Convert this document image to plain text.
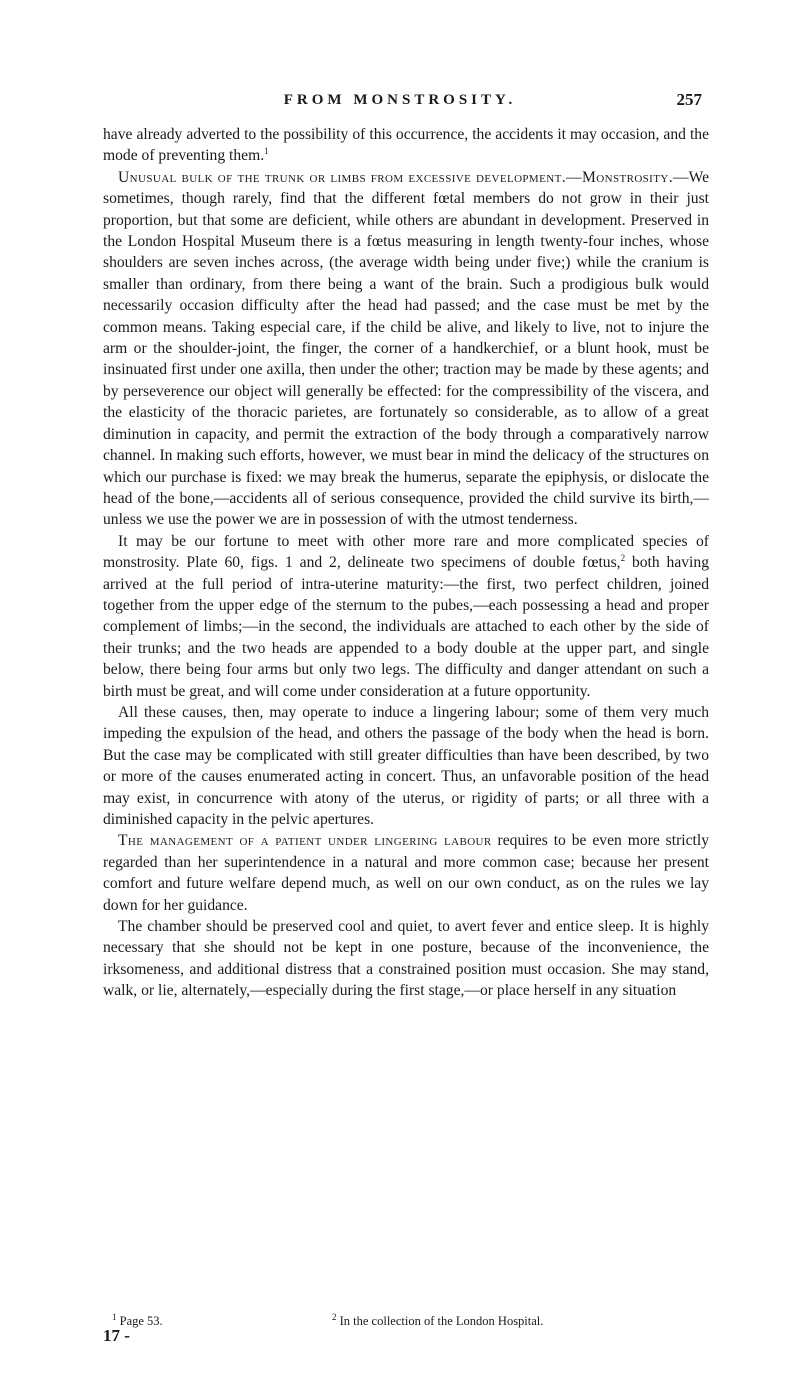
FROM MONSTROSITY.	257

have already adverted to the possibility of this occurrence, the accidents it may occasion, and the mode of preventing them.$^1$

Unusual bulk of the trunk or limbs from excessive development.—Monstrosity.—We sometimes, though rarely, find that the different fœtal members do not grow in their just proportion, but that some are deficient, while others are abundant in development. Preserved in the London Hospital Museum there is a fœtus measuring in length twenty-four inches, whose shoulders are seven inches across, (the average width being under five;) while the cranium is smaller than ordinary, from there being a want of the brain. Such a prodigious bulk would necessarily occasion difficulty after the head had passed; and the case must be met by the common means. Taking especial care, if the child be alive, and likely to live, not to injure the arm or the shoulder-joint, the finger, the corner of a handkerchief, or a blunt hook, must be insinuated first under one axilla, then under the other; traction may be made by these agents; and by perseverence our object will generally be effected: for the compressibility of the viscera, and the elasticity of the thoracic parietes, are fortunately so considerable, as to allow of a great diminution in capacity, and permit the extraction of the body through a comparatively narrow channel. In making such efforts, however, we must bear in mind the delicacy of the structures on which our purchase is fixed: we may break the humerus, separate the epiphysis, or dislocate the head of the bone,—accidents all of serious consequence, provided the child survive its birth,—unless we use the power we are in possession of with the utmost tenderness.

It may be our fortune to meet with other more rare and more complicated species of monstrosity. Plate 60, figs. 1 and 2, delineate two specimens of double fœtus,$^2$ both having arrived at the full period of intra-uterine maturity:—the first, two perfect children, joined together from the upper edge of the sternum to the pubes,—each possessing a head and proper complement of limbs;—in the second, the individuals are attached to each other by the side of their trunks; and the two heads are appended to a body double at the upper part, and single below, there being four arms but only two legs. The difficulty and danger attendant on such a birth must be great, and will come under consideration at a future opportunity.

All these causes, then, may operate to induce a lingering labour; some of them very much impeding the expulsion of the head, and others the passage of the body when the head is born. But the case may be complicated with still greater difficulties than have been described, by two or more of the causes enumerated acting in concert. Thus, an unfavorable position of the head may exist, in concurrence with atony of the uterus, or rigidity of parts; or all three with a diminished capacity in the pelvic apertures.

The management of a patient under lingering labour requires to be even more strictly regarded than her superintendence in a natural and more common case; because her present comfort and future welfare depend much, as well on our own conduct, as on the rules we lay down for her guidance.

The chamber should be preserved cool and quiet, to avert fever and entice sleep. It is highly necessary that she should not be kept in one posture, because of the inconvenience, the irksomeness, and additional distress that a constrained position must occasion. She may stand, walk, or lie, alternately,—especially during the first stage,—or place herself in any situation

$^1$ Page 53.	$^2$ In the collection of the London Hospital.
17 -
